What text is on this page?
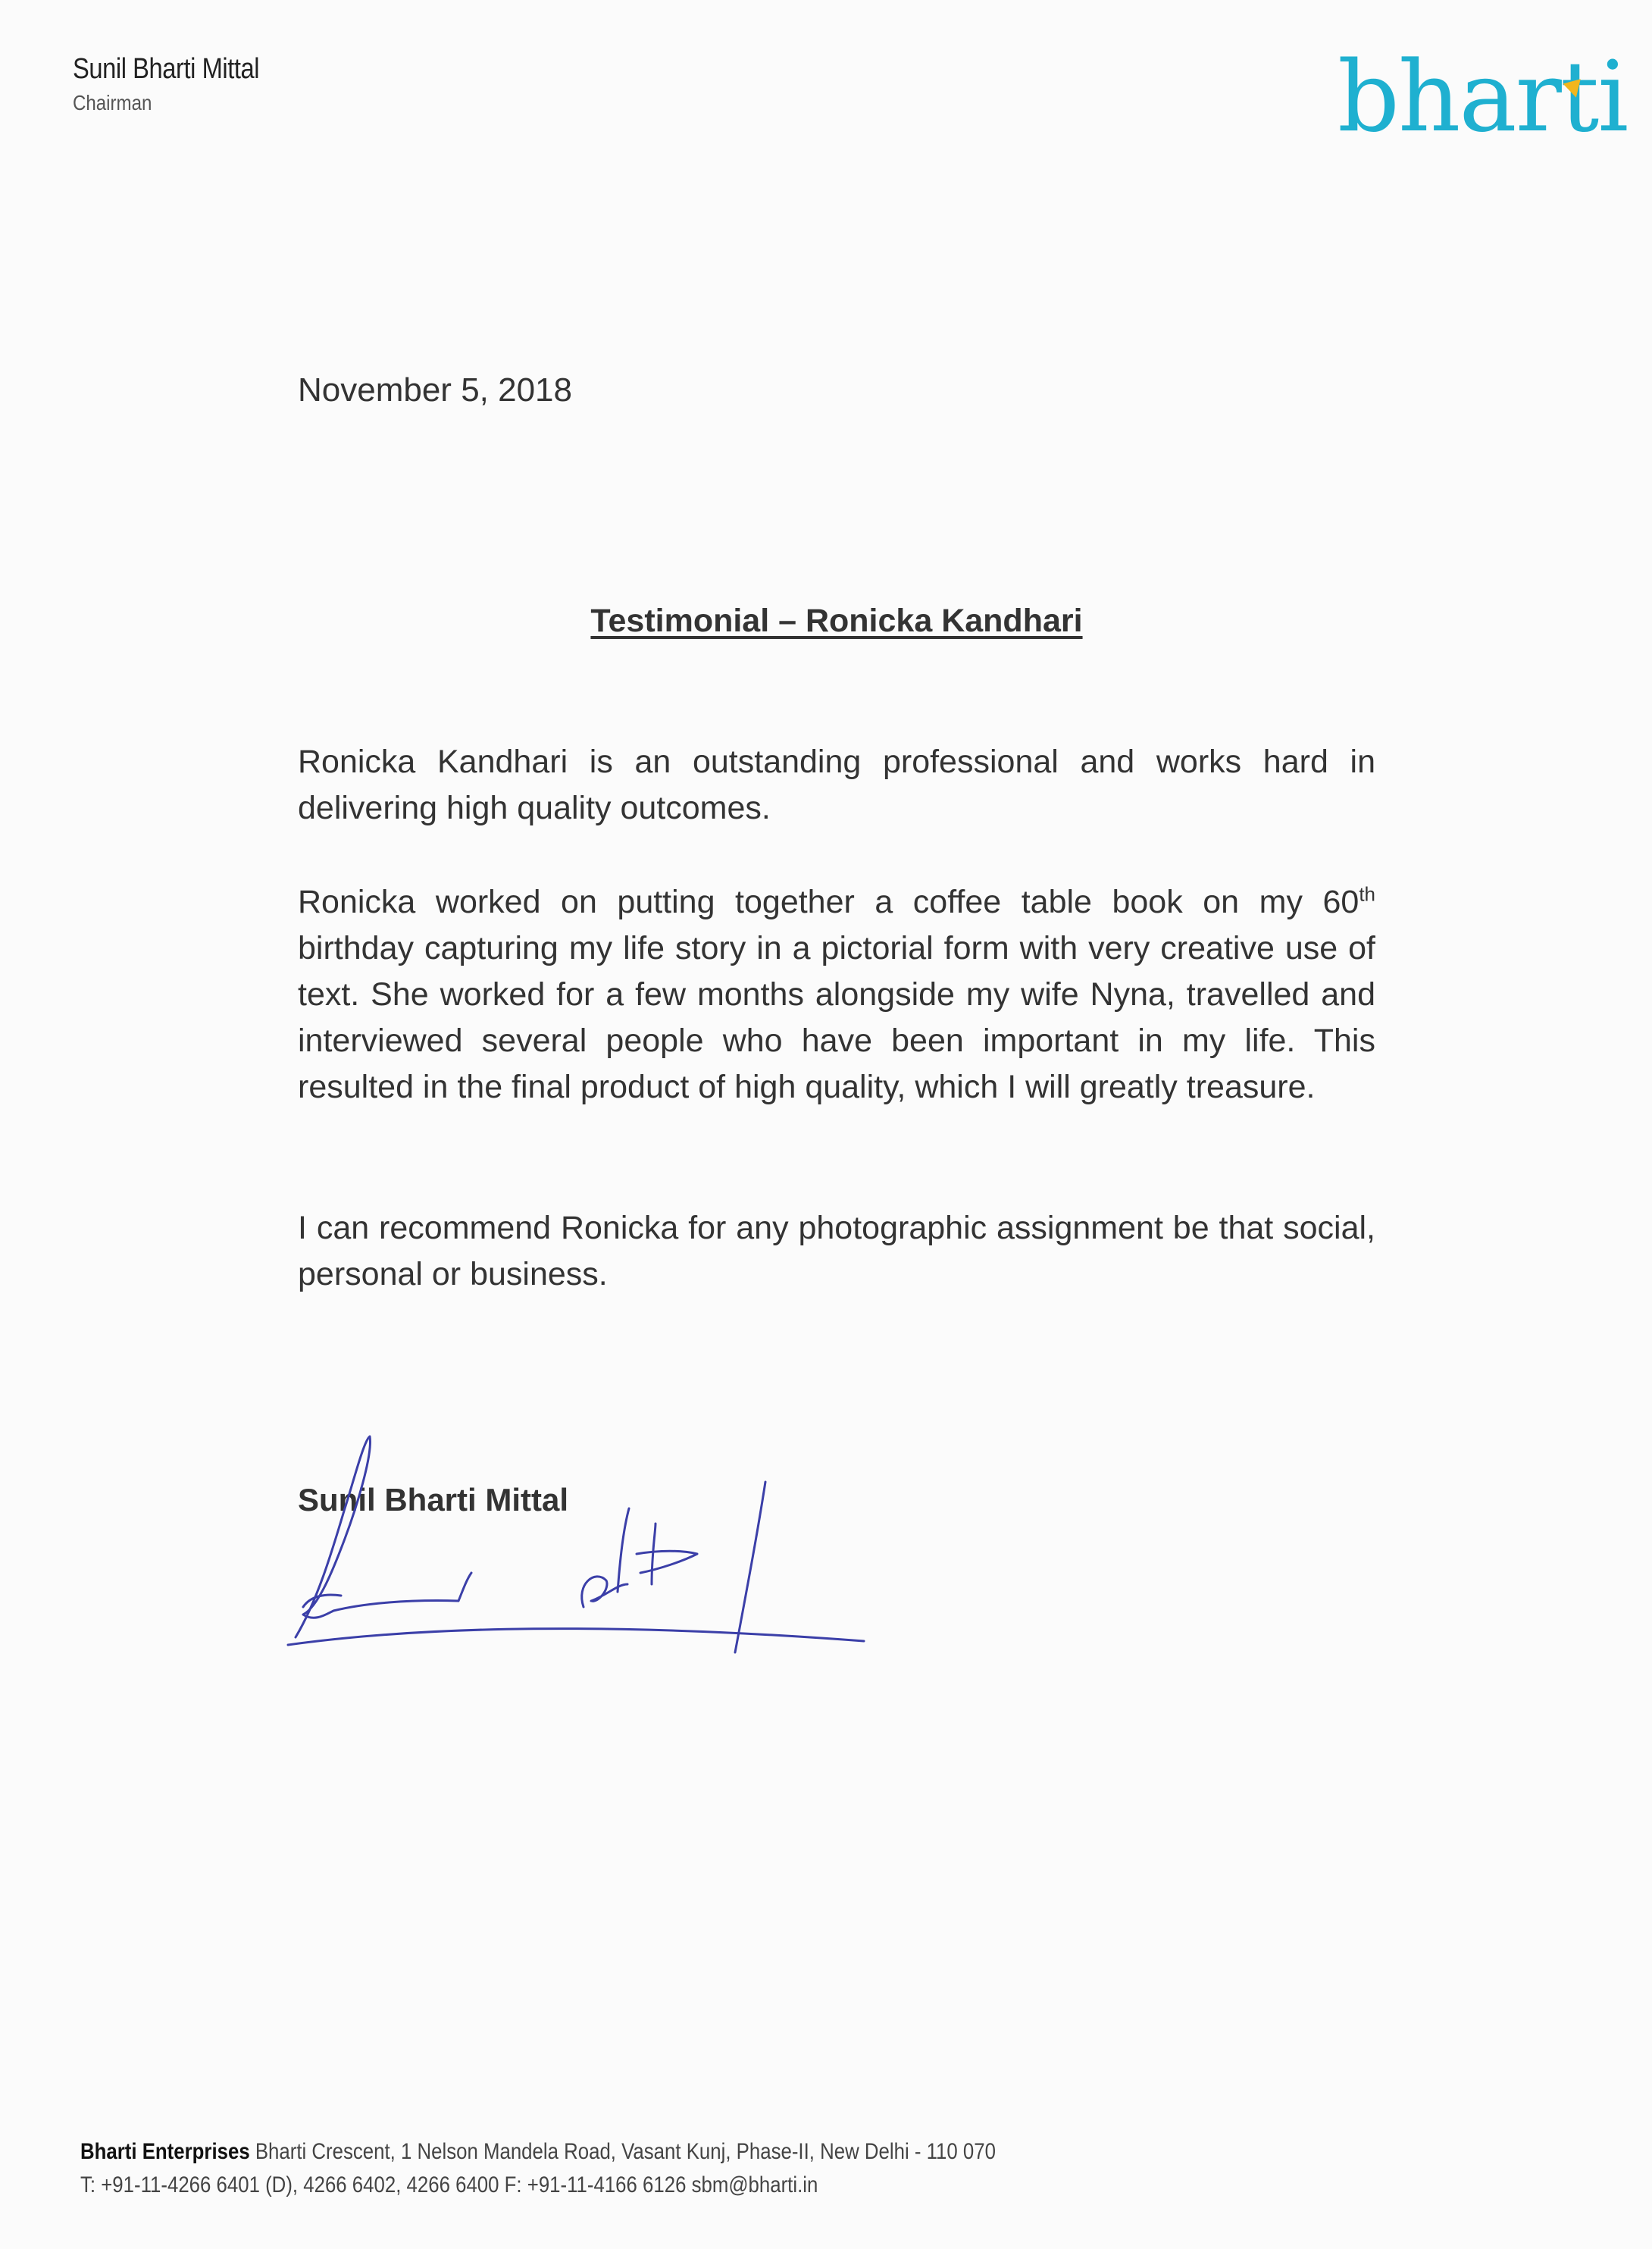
Sunil Bharti Mittal
Chairman	bharti
November 5, 2018
Testimonial – Ronicka Kandhari
Ronicka Kandhari is an outstanding professional and works hard in delivering high quality outcomes.
Ronicka worked on putting together a coffee table book on my 60th birthday capturing my life story in a pictorial form with very creative use of text. She worked for a few months alongside my wife Nyna, travelled and interviewed several people who have been important in my life. This resulted in the final product of high quality, which I will greatly treasure.
I can recommend Ronicka for any photographic assignment be that social, personal or business.
Sunil Bharti Mittal
Bharti Enterprises Bharti Crescent, 1 Nelson Mandela Road, Vasant Kunj, Phase-II, New Delhi - 110 070
T: +91-11-4266 6401 (D), 4266 6402, 4266 6400 F: +91-11-4166 6126 sbm@bharti.in
